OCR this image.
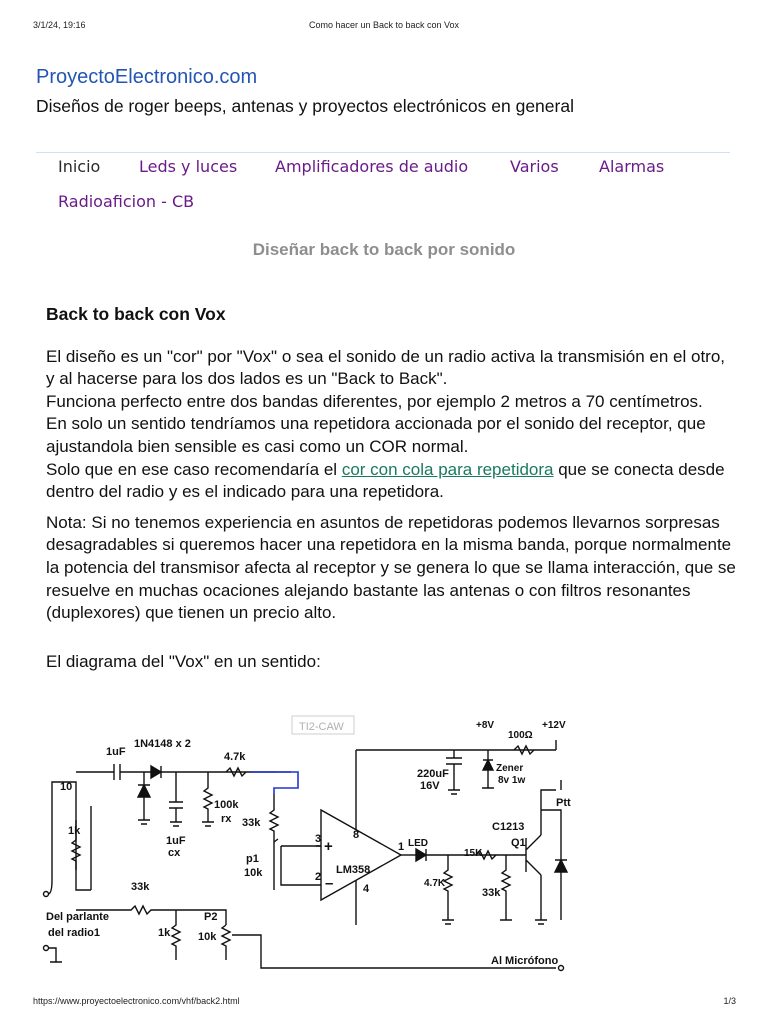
3/1/24, 19:16	Como hacer un Back to back con Vox
ProyectoElectronico.com
Diseños de roger beeps, antenas y proyectos electrónicos en general
Inicio Leds y luces Amplificadores de audio	Varios	Alarmas
Radioaficion - CB
Diseñar back to back por sonido
Back to back con Vox

El diseño es un "cor" por "Vox" o sea el sonido de un radio activa la transmisión en el otro, y al hacerse para los dos lados es un "Back to Back".
Funciona perfecto entre dos bandas diferentes, por ejemplo 2 metros a 70 centímetros.
En solo un sentido tendríamos una repetidora accionada por el sonido del receptor, que ajustandola bien sensible es casi como un COR normal.
Solo que en ese caso recomendaría el cor con cola para repetidora que se conecta desde dentro del radio y es el indicado para una repetidora.

Nota: Si no tenemos experiencia en asuntos de repetidoras podemos llevarnos sorpresas desagradables si queremos hacer una repetidora en la misma banda, porque normalmente la potencia del transmisor afecta al receptor y se genera lo que se llama interacción, que se resuelve en muchas ocaciones alejando bastante las antenas o con filtros resonantes (duplexores) que tienen un precio alto.

El diagrama del "Vox" en un sentido:

TI2-CAW
1uF
1N4148 x 2
4.7k
100k
rx
1uF
cx
10
1k
33k
p1
10k
3
2
8
4
1
+
–
LM358
LED
4.7K
15K
33k
C1213
Q1
Ptt
+8V	+12V
100Ω
220uF
16V
Zener
8v 1w
33k
1k
P2
10k
Del parlante
del radio1
Al Micrófono
https://www.proyectoelectronico.com/vhf/back2.html	1/3
